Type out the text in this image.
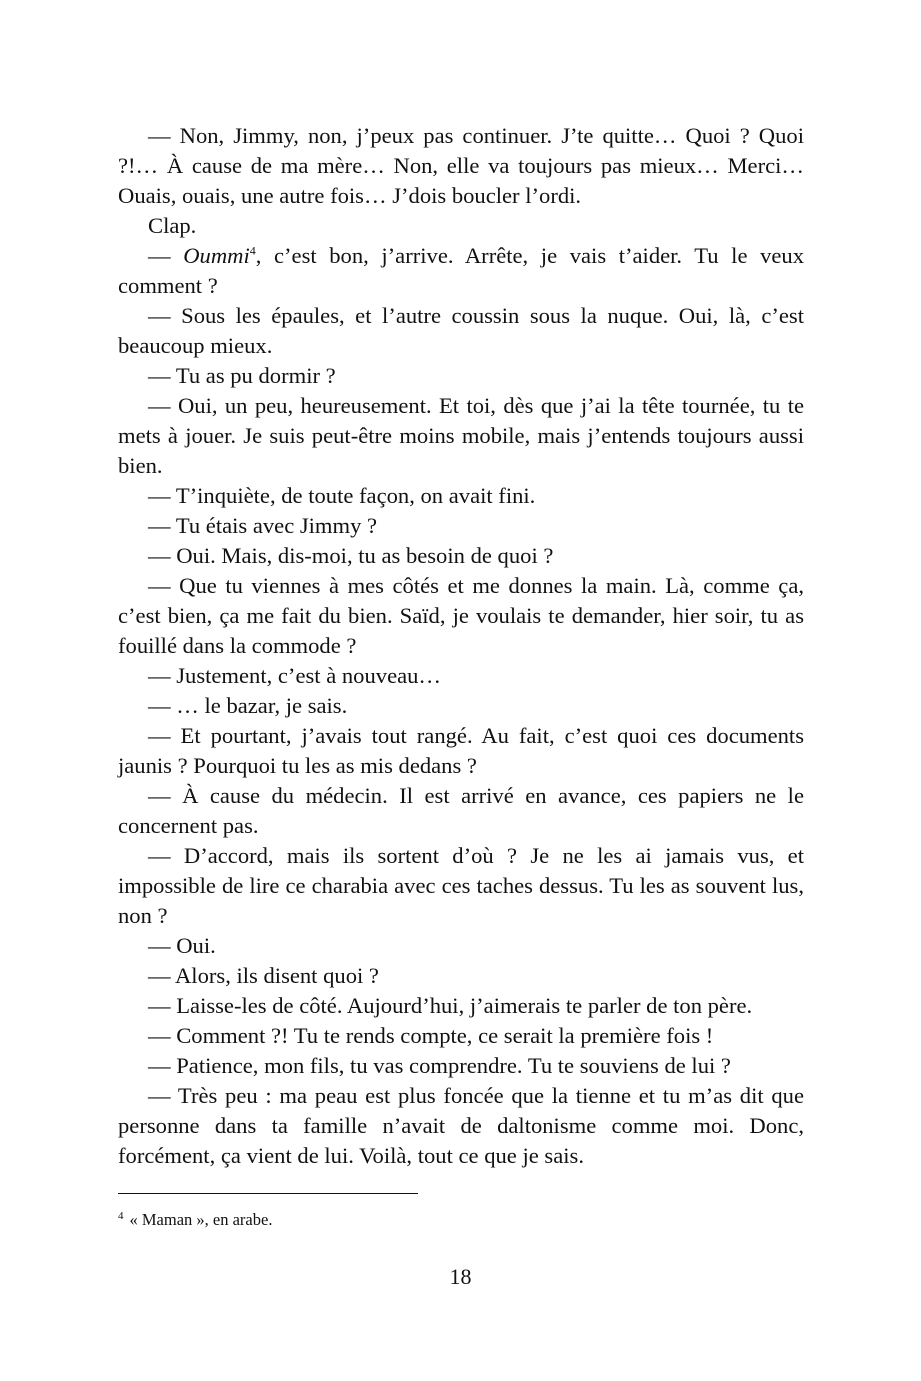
— Non, Jimmy, non, j’peux pas continuer. J’te quitte… Quoi ? Quoi ?!… À cause de ma mère… Non, elle va toujours pas mieux… Merci… Ouais, ouais, une autre fois… J’dois boucler l’ordi.

Clap.

— Oummi$^4$, c’est bon, j’arrive. Arrête, je vais t’aider. Tu le veux comment ?

— Sous les épaules, et l’autre coussin sous la nuque. Oui, là, c’est beaucoup mieux.

— Tu as pu dormir ?

— Oui, un peu, heureusement. Et toi, dès que j’ai la tête tournée, tu te mets à jouer. Je suis peut-être moins mobile, mais j’entends toujours aussi bien.

— T’inquiète, de toute façon, on avait fini.

— Tu étais avec Jimmy ?

— Oui. Mais, dis-moi, tu as besoin de quoi ?

— Que tu viennes à mes côtés et me donnes la main. Là, comme ça, c’est bien, ça me fait du bien. Saïd, je voulais te demander, hier soir, tu as fouillé dans la commode ?

— Justement, c’est à nouveau…

— … le bazar, je sais.

— Et pourtant, j’avais tout rangé. Au fait, c’est quoi ces documents jaunis ? Pourquoi tu les as mis dedans ?

— À cause du médecin. Il est arrivé en avance, ces papiers ne le concernent pas.

— D’accord, mais ils sortent d’où ? Je ne les ai jamais vus, et impossible de lire ce charabia avec ces taches dessus. Tu les as souvent lus, non ?

— Oui.

— Alors, ils disent quoi ?

— Laisse-les de côté. Aujourd’hui, j’aimerais te parler de ton père.

— Comment ?! Tu te rends compte, ce serait la première fois !

— Patience, mon fils, tu vas comprendre. Tu te souviens de lui ?

— Très peu : ma peau est plus foncée que la tienne et tu m’as dit que personne dans ta famille n’avait de daltonisme comme moi. Donc, forcément, ça vient de lui. Voilà, tout ce que je sais.

$^4$ « Maman », en arabe.
18
